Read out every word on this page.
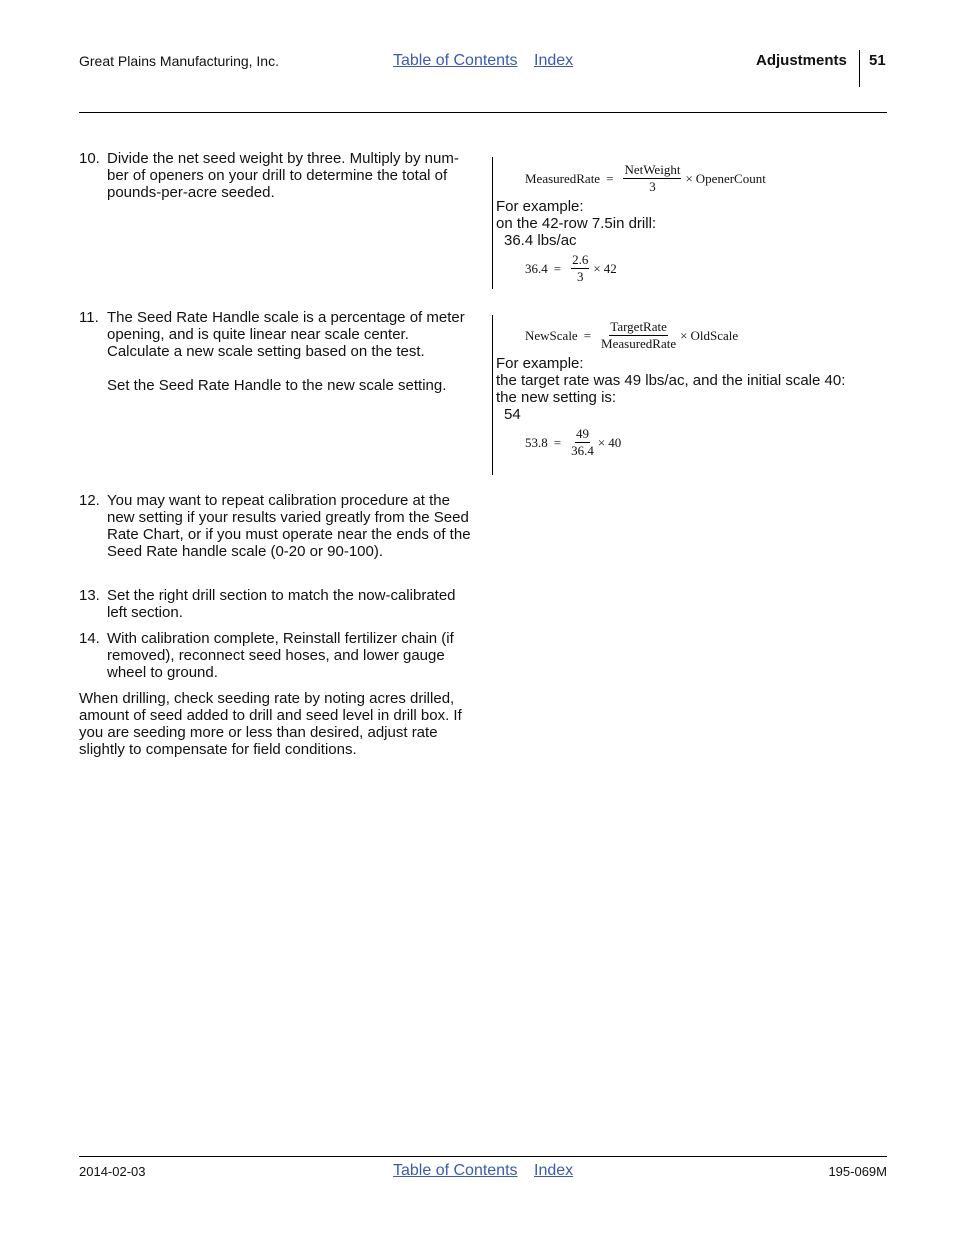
Great Plains Manufacturing, Inc.	Table of Contents Index	Adjustments 51
10. Divide the net seed weight by three. Multiply by num-ber of openers on your drill to determine the total of pounds-per-acre seeded.

11. The Seed Rate Handle scale is a percentage of meter opening, and is quite linear near scale center. Calculate a new scale setting based on the test.

Set the Seed Rate Handle to the new scale setting.

12. You may want to repeat calibration procedure at the new setting if your results varied greatly from the Seed Rate Chart, or if you must operate near the ends of the Seed Rate handle scale (0-20 or 90-100).

13. Set the right drill section to match the now-calibrated left section.

14. With calibration complete, Reinstall fertilizer chain (if removed), reconnect seed hoses, and lower gauge wheel to ground.

When drilling, check seeding rate by noting acres drilled, amount of seed added to drill and seed level in drill box. If you are seeding more or less than desired, adjust rate slightly to compensate for field conditions.

MeasuredRate = $\frac{\text{NetWeight}}{3}$ × OpenerCount
For example:
on the 42-row 7.5in drill:
36.4 lbs/ac
$36.4 = \frac{2.6}{3} \times 42$
NewScale = $\frac{\text{TargetRate}}{\text{MeasuredRate}}$ × OldScale
For example:
the target rate was 49 lbs/ac, and the initial scale 40:
the new setting is:
54
$53.8 = \frac{49}{36.4} \times 40$
2014-02-03	Table of Contents Index	195-069M
